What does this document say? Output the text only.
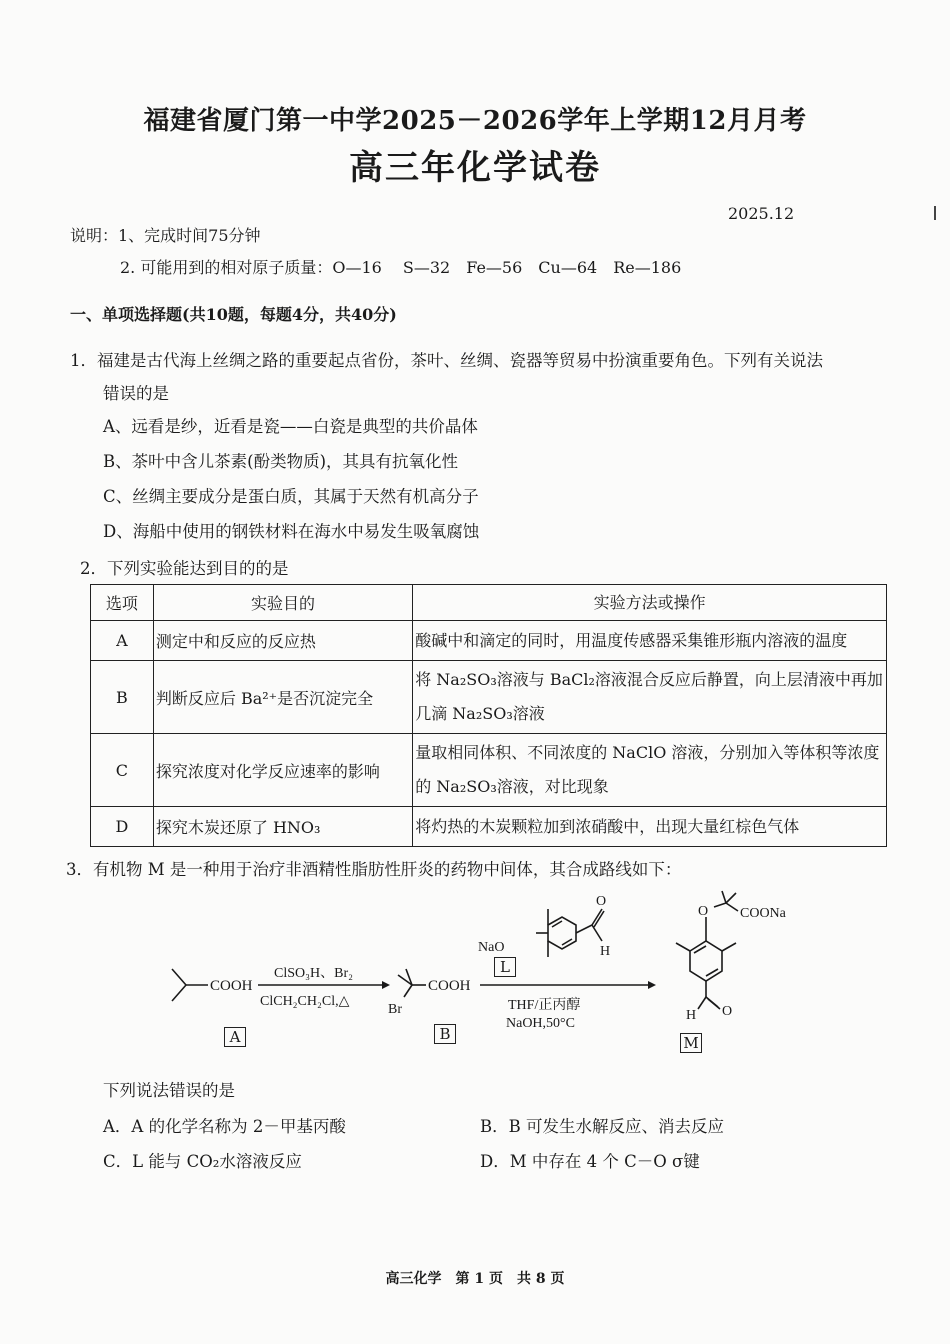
福建省厦门第一中学2025－2026学年上学期12月月考
高三年化学试卷
2025.12
说明：1、完成时间75分钟
2. 可能用到的相对原子质量：O—16　 S—32　Fe—56　Cu—64　Re—186
一、单项选择题(共10题，每题4分，共40分)
1．福建是古代海上丝绸之路的重要起点省份，茶叶、丝绸、瓷器等贸易中扮演重要角色。下列有关说法
错误的是
A、远看是纱，近看是瓷——白瓷是典型的共价晶体
B、茶叶中含儿茶素(酚类物质)，其具有抗氧化性
C、丝绸主要成分是蛋白质，其属于天然有机高分子
D、海船中使用的钢铁材料在海水中易发生吸氧腐蚀
2．下列实验能达到目的的是
选项	实验目的	实验方法或操作
A	测定中和反应的反应热	酸碱中和滴定的同时，用温度传感器采集锥形瓶内溶液的温度
B	判断反应后 Ba²⁺是否沉淀完全	将 Na₂SO₃溶液与 BaCl₂溶液混合反应后静置，向上层清液中再加几滴 Na₂SO₃溶液
C	探究浓度对化学反应速率的影响	量取相同体积、不同浓度的 NaClO 溶液，分别加入等体积等浓度的 Na₂SO₃溶液，对比现象
D	探究木炭还原了 HNO₃	将灼热的木炭颗粒加到浓硝酸中，出现大量红棕色气体
3．有机物 M 是一种用于治疗非酒精性脂肪性肝炎的药物中间体，其合成路线如下：
COOH
ClSO₃H、Br₂
ClCH₂CH₂Cl,△
Br
COOH
THF/正丙醇
NaOH,50°C
NaO
O
H
O COONa
H O
A	B
L
M
下列说法错误的是
A．A 的化学名称为 2－甲基丙酸	B．B 可发生水解反应、消去反应
C．L 能与 CO₂水溶液反应	D．M 中存在 4 个 C－O σ键
高三化学　第 1 页　共 8 页
